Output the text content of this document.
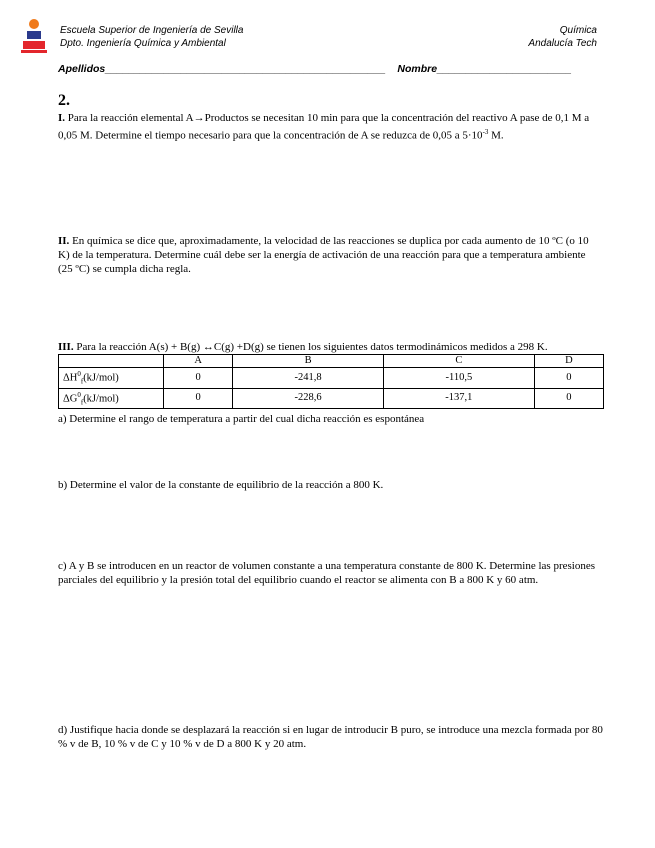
Escuela Superior de Ingeniería de Sevilla
Dpto. Ingeniería Química y Ambiental
Química
Andalucía Tech
Apellidos________________________________________________ Nombre_______________________
2.
I. Para la reacción elemental A→Productos se necesitan 10 min para que la concentración del reactivo A pase de 0,1 M a 0,05 M. Determine el tiempo necesario para que la concentración de A se reduzca de 0,05 a $5\cdot 10^{-3}$ M.
II. En química se dice que, aproximadamente, la velocidad de las reacciones se duplica por cada aumento de 10 ºC (o 10 K) de la temperatura. Determine cuál debe ser la energía de activación de una reacción para que a temperatura ambiente (25 ºC) se cumpla dicha regla.
III. Para la reacción A(s) + B(g) ↔C(g) +D(g) se tienen los siguientes datos termodinámicos medidos a 298 K.
	A	B	C	D
$\Delta H^0_f(kJ/mol)$	0	-241,8	-110,5	0
$\Delta G^0_f(kJ/mol)$	0	-228,6	-137,1	0
a) Determine el rango de temperatura a partir del cual dicha reacción es espontánea
b) Determine el valor de la constante de equilibrio de la reacción a 800 K.
c) A y B se introducen en un reactor de volumen constante a una temperatura constante de 800 K. Determine las presiones parciales del equilibrio y la presión total del equilibrio cuando el reactor se alimenta con B a 800 K y 60 atm.
d) Justifique hacia donde se desplazará la reacción si en lugar de introducir B puro, se introduce una mezcla formada por 80 % v de B, 10 % v de C y 10 % v de D a 800 K y 20 atm.
